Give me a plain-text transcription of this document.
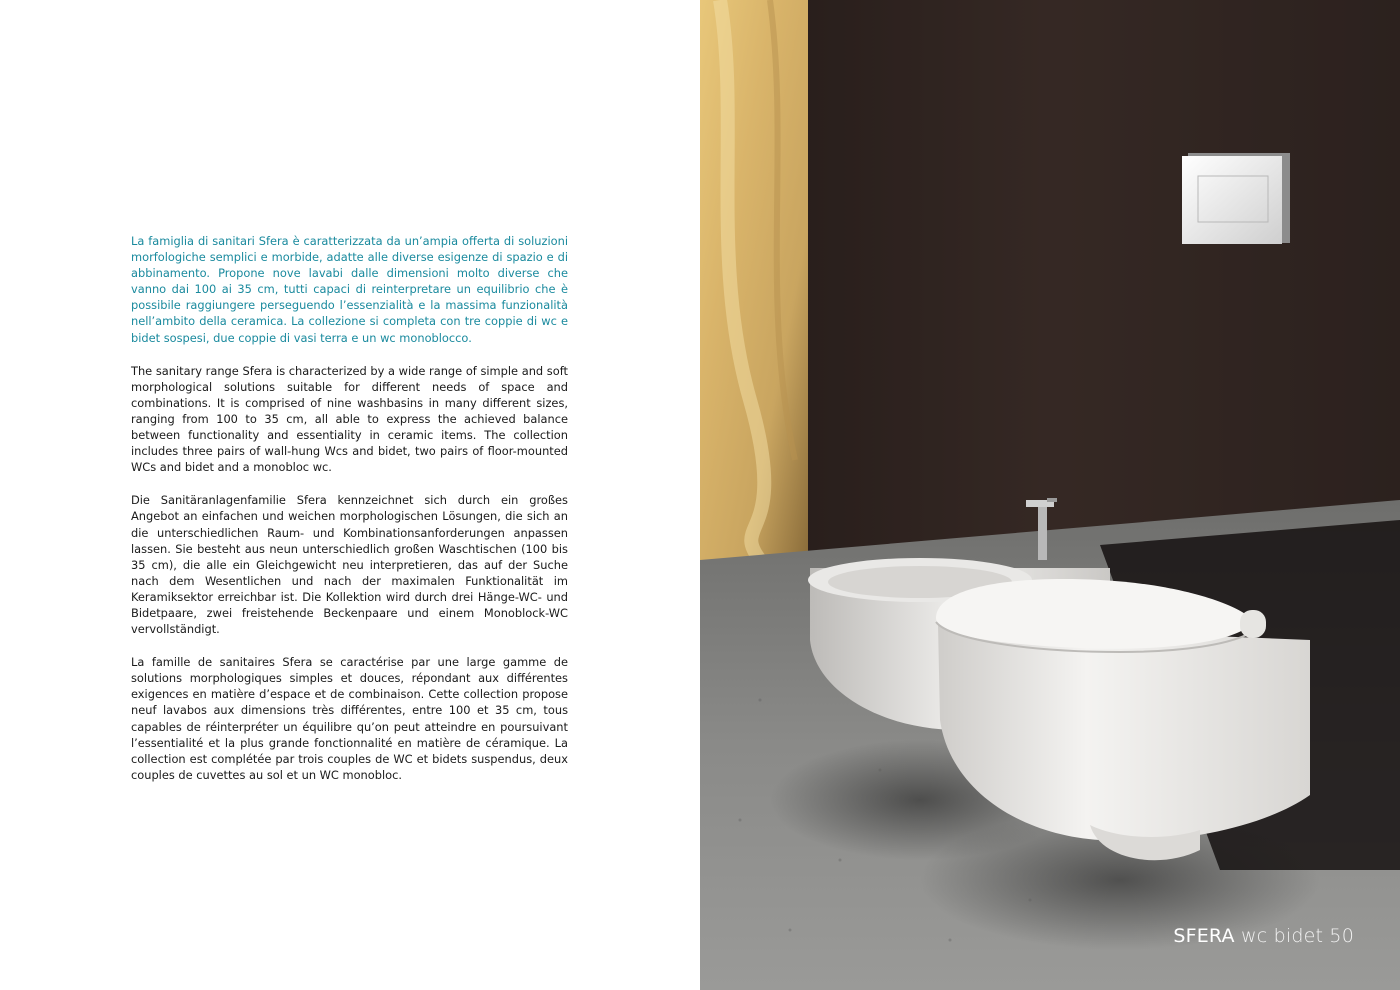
La famiglia di sanitari Sfera è caratterizzata da un’ampia offerta di soluzioni morfologiche semplici e morbide, adatte alle diverse esigenze di spazio e di abbinamento. Propone nove lavabi dalle dimensioni molto diverse che vanno dai 100 ai 35 cm, tutti capaci di reinterpretare un equilibrio che è possibile raggiungere perseguendo l’essenzialità e la massima funzionalità nell’ambito della ceramica. La collezione si completa con tre coppie di wc e bidet sospesi, due coppie di vasi terra e un wc monoblocco.

The sanitary range Sfera is characterized by a wide range of simple and soft morphological solutions suitable for different needs of space and combinations. It is comprised of nine washbasins in many different sizes, ranging from 100 to 35 cm, all able to express the achieved balance between functionality and essentiality in ceramic items. The collection includes three pairs of wall-hung Wcs and bidet, two pairs of floor-mounted WCs and bidet and a monobloc wc.

Die Sanitäranlagenfamilie Sfera kennzeichnet sich durch ein großes Angebot an einfachen und weichen morphologischen Lösungen, die sich an die unterschiedlichen Raum- und Kombinationsanforderungen anpassen lassen. Sie besteht aus neun unterschiedlich großen Waschtischen (100 bis 35 cm), die alle ein Gleichgewicht neu interpretieren, das auf der Suche nach dem Wesentlichen und nach der maximalen Funktionalität im Keramiksektor erreichbar ist. Die Kollektion wird durch drei Hänge-WC- und Bidetpaare, zwei freistehende Beckenpaare und einem Monoblock-WC vervollständigt.

La famille de sanitaires Sfera se caractérise par une large gamme de solutions morphologiques simples et douces, répondant aux différentes exigences en matière d’espace et de combinaison. Cette collection propose neuf lavabos aux dimensions très différentes, entre 100 et 35 cm, tous capables de réinterpréter un équilibre qu’on peut atteindre en poursuivant l’essentialité et la plus grande fonctionnalité en matière de céramique. La collection est complétée par trois couples de WC et bidets suspendus, deux couples de cuvettes au sol et un WC monobloc.

SFERA wc bidet 50
